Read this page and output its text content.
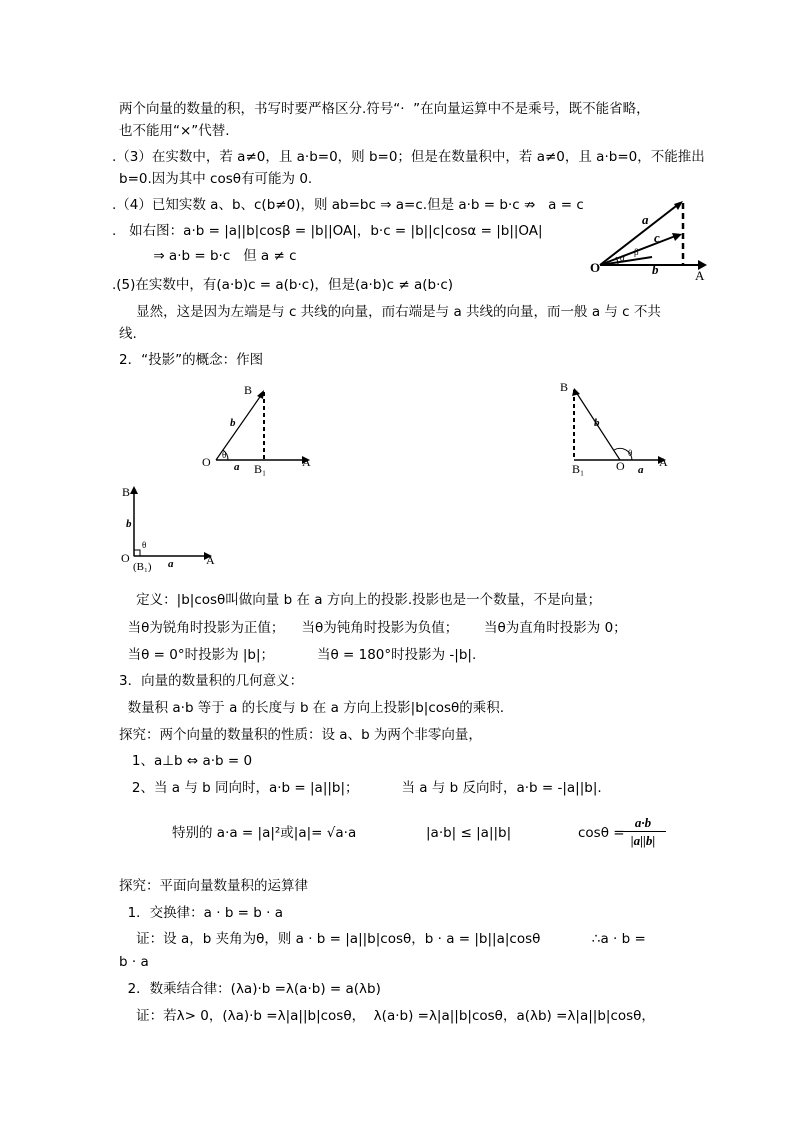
两个向量的数量的积，书写时要严格区分.符号“·  ”在向量运算中不是乘号，既不能省略，
也不能用“×”代替.
.（3）在实数中，若 a≠0，且 a·b=0，则 b=0；但是在数量积中，若 a≠0，且 a·b=0，不能推出
b=0.因为其中 cosθ有可能为 0.
.（4）已知实数 a、b、c(b≠0)，则 ab=bc ⇒ a=c.但是 a·b = b·c ⇏   a = c
.   如右图：a·b = |a||b|cosβ = |b||OA|，b·c = |b||c|cosα = |b||OA|
⇒ a·b = b·c   但 a ≠ c
.(5)在实数中，有(a·b)c = a(b·c)，但是(a·b)c ≠ a(b·c)
显然，这是因为左端是与 c 共线的向量，而右端是与 a 共线的向量，而一般 a 与 c 不共
线.
2．“投影”的概念：作图
O
A
a
b
c
α
β
B
O	A
B₁
a
b
θ
B
O	A
B₁	a
b
θ
B
O	A
(B₁) a
b
θ
定义：|b|cosθ叫做向量 b 在 a 方向上的投影.投影也是一个数量，不是向量；
当θ为锐角时投影为正值；    当θ为钝角时投影为负值；      当θ为直角时投影为 0；
当θ = 0°时投影为 |b|；          当θ = 180°时投影为 -|b|.
3．向量的数量积的几何意义：
数量积 a·b 等于 a 的长度与 b 在 a 方向上投影|b|cosθ的乘积.
探究：两个向量的数量积的性质：设 a、b 为两个非零向量，
1、a⊥b ⇔ a·b = 0
2、当 a 与 b 同向时，a·b = |a||b|；          当 a 与 b 反向时，a·b = -|a||b|.
特别的 a·a = |a|²或|a|= √a·a	|a·b| ≤ |a||b|	cosθ =
$\frac{a\cdot b}{|a||b|}$
探究：平面向量数量积的运算律
1．交换律：a · b = b · a
证：设 a，b 夹角为θ，则 a · b = |a||b|cosθ，b · a = |b||a|cosθ            ∴a · b =
b · a
2．数乘结合律：(λa)·b =λ(a·b) = a(λb)
证：若λ> 0，(λa)·b =λ|a||b|cosθ，  λ(a·b) =λ|a||b|cosθ，a(λb) =λ|a||b|cosθ，
